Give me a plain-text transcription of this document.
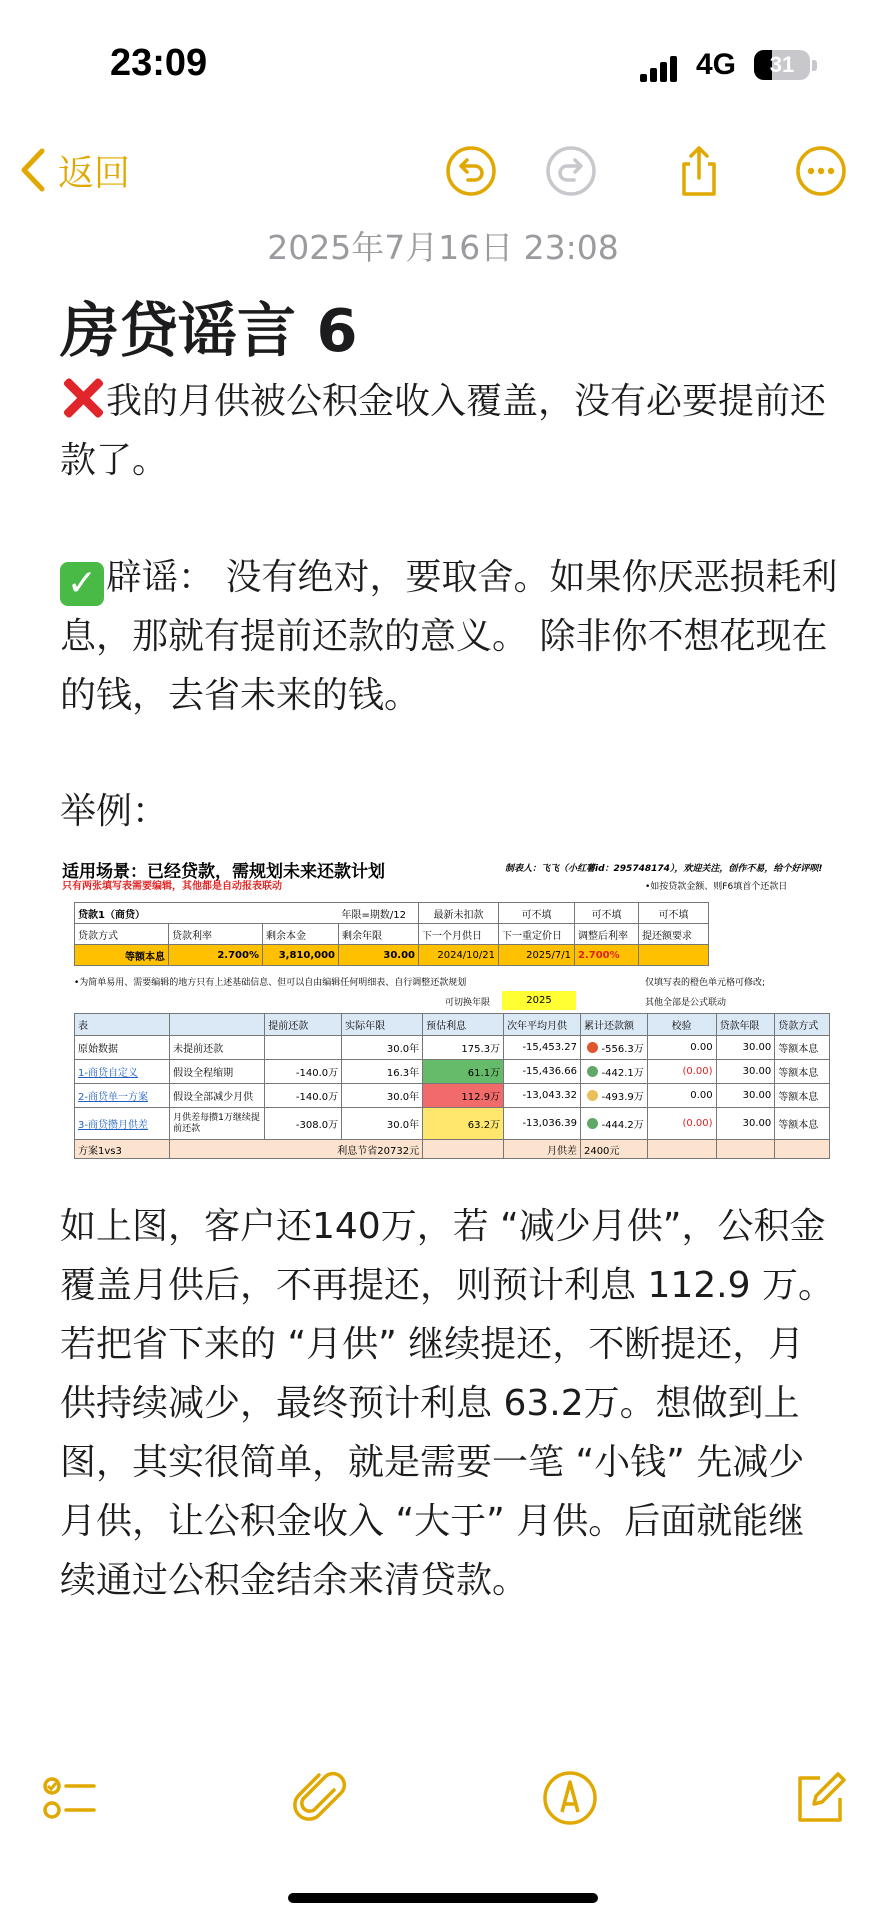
23:09	4G	31
返回
2025年7月16日 23:08
房贷谣言 6
我的月供被公积金收入覆盖，没有必要提前还款了。
✓ 辟谣： 没有绝对，要取舍。如果你厌恶损耗利息，那就有提前还款的意义。 除非你不想花现在的钱，去省未来的钱。
举例：
适用场景：已经贷款，需规划未来还款计划
只有两张填写表需要编辑，其他都是自动报表联动
制表人：飞飞（小红薯id：295748174），欢迎关注，创作不易，给个好评呗!
•如按贷款金额、则F6填首个还款日
贷款1（商贷）			年限=期数/12	最新未扣款	可不填	可不填	可不填
贷款方式	贷款利率	剩余本金	剩余年限	下一个月供日	下一重定价日	调整后利率	提还额要求
等额本息	2.700%	3,810,000	30.00	2024/10/21	2025/7/1	2.700%	
•为简单易用、需要编辑的地方只有上述基础信息、但可以自由编辑任何明细表、自行调整还款规划	仅填写表的橙色单元格可修改;
可切换年限	2025	其他全部是公式联动
表		提前还款	实际年限	预估利息	次年平均月供	累计还款额	校验	贷款年限	贷款方式
原始数据	未提前还款		30.0年	175.3万	-15,453.27	-556.3万	0.00	30.00	等额本息
1-商贷自定义	假设全程缩期	-140.0万	16.3年	61.1万	-15,436.66	-442.1万	(0.00)	30.00	等额本息
2-商贷单一方案	假设全部减少月供	-140.0万	30.0年	112.9万	-13,043.32	-493.9万	0.00	30.00	等额本息
3-商贷攒月供差	月供差每攒1万继续提前还款	-308.0万	30.0年	63.2万	-13,036.39	-444.2万	(0.00)	30.00	等额本息
方案1vs3	利息节省20732元				月供差	2400元			
如上图，客户还140万，若 “减少月供”，公积金覆盖月供后，不再提还，则预计利息 112.9 万。若把省下来的 “月供” 继续提还，不断提还，月供持续减少，最终预计利息 63.2万。想做到上图，其实很简单，就是需要一笔 “小钱” 先减少月供，让公积金收入 “大于” 月供。后面就能继续通过公积金结余来清贷款。
